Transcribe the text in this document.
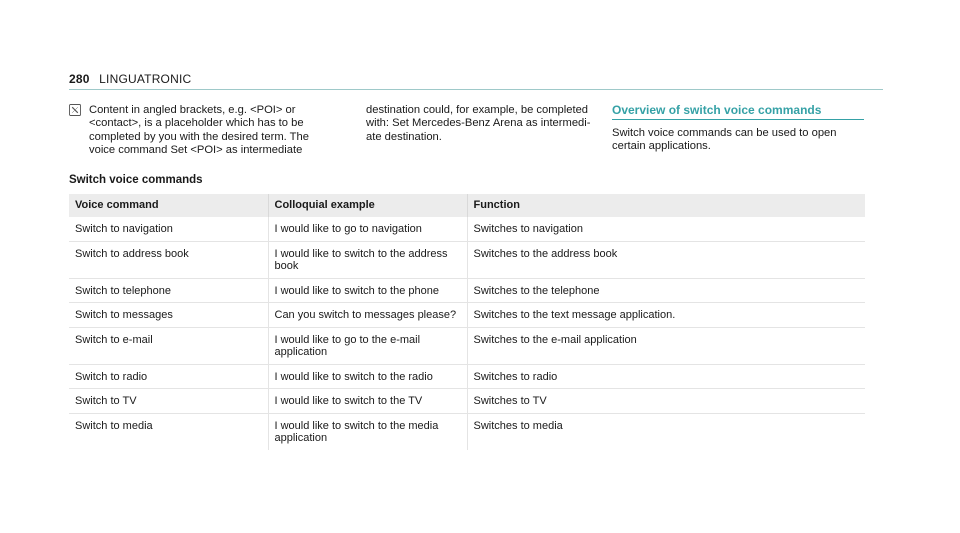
280 LINGUATRONIC
Content in angled brackets, e.g. <POI> or <contact>, is a placeholder which has to be completed by you with the desired term. The voice command Set <POI> as intermediate
destination could, for example, be completed with: Set Mercedes-Benz Arena as intermedi-ate destination.
Overview of switch voice commands
Switch voice commands can be used to open certain applications.
Switch voice commands
Voice command	Colloquial example	Function
Switch to navigation	I would like to go to navigation	Switches to navigation
Switch to address book	I would like to switch to the address book	Switches to the address book
Switch to telephone	I would like to switch to the phone	Switches to the telephone
Switch to messages	Can you switch to messages please?	Switches to the text message application.
Switch to e-mail	I would like to go to the e-mail application	Switches to the e-mail application
Switch to radio	I would like to switch to the radio	Switches to radio
Switch to TV	I would like to switch to the TV	Switches to TV
Switch to media	I would like to switch to the media application	Switches to media
